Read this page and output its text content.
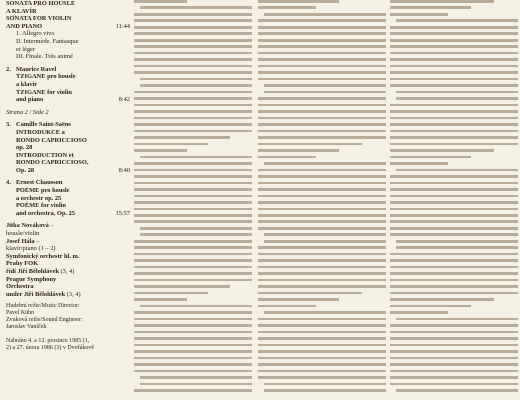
SONÁTA PRO HOUSLE
A KLAVÍR
SONATA FOR VIOLIN
AND PIANO	11:44
1. Allegro vivo
II. Intermède. Fantasque
et léger
III. Finale. Très animé
2. Maurice Ravel
TZIGANE pro housle
a klavír
TZIGANE for violin
and piano	8:42
Strana 2 / Side 2
3. Camille Saint-Saëns
INTRODUKCE a
RONDO CAPRICCIOSO
op. 28
INTRODUCTION et
RONDO CAPRICCIOSO,
Op. 28	8:40
4. Ernest Chausson
POÈME pro housle
a orchestr op. 25
POÈME for violin
and orchestra, Op. 25	15:57
Jitka Nováková –
housle/violin
Josef Hála –
klavír/piano (1 – 2)
Symfonický orchestr hl. m.
Prahy FOK
řídí Jiří Bělohlávek (3, 4)
Prague Symphony
Orchestra
under Jiří Bělohlávek (3, 4)
Hudební režie/Music Director:
Pavel Kühn
Zvuková režie/Sound Engineer:
Jaroslav Vaníček

Nahráno 4. a 12. prosince 1985 (1,
2) a 27. února 1986 (3) v Dvořákově
